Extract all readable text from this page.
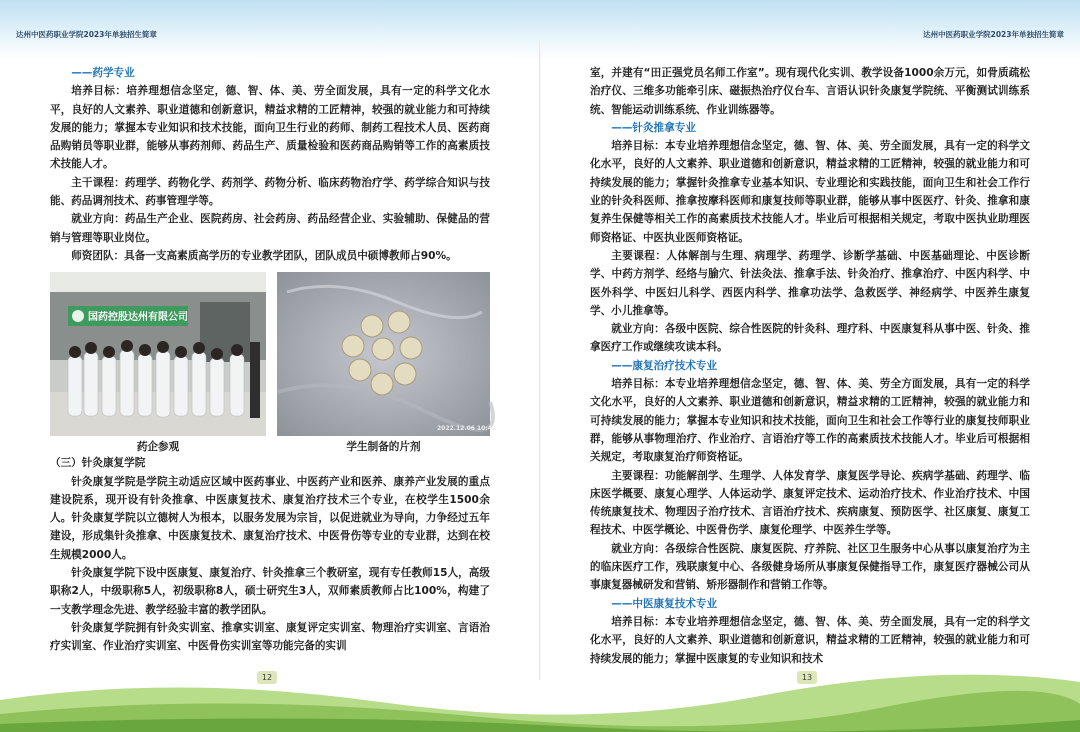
达州中医药职业学院2023年单独招生简章	达州中医药职业学院2023年单独招生简章

——药学专业

培养目标：培养理想信念坚定，德、智、体、美、劳全面发展，具有一定的科学文化水平，良好的人文素养、职业道德和创新意识，精益求精的工匠精神，较强的就业能力和可持续发展的能力；掌握本专业知识和技术技能，面向卫生行业的药师、制药工程技术人员、医药商品购销员等职业群，能够从事药剂师、药品生产、质量检验和医药商品购销等工作的高素质技术技能人才。

主干课程：药理学、药物化学、药剂学、药物分析、临床药物治疗学、药学综合知识与技能、药品调剂技术、药事管理学等。

就业方向：药品生产企业、医院药房、社会药房、药品经营企业、实验辅助、保健品的营销与管理等职业岗位。

师资团队：具备一支高素质高学历的专业教学团队，团队成员中硕博教师占90%。

国药控股达州有限公司
2022.12.06 10:41
药企参观	学生制备的片剂

（三）针灸康复学院

针灸康复学院是学院主动适应区域中医药事业、中医药产业和医养、康养产业发展的重点建设院系，现开设有针灸推拿、中医康复技术、康复治疗技术三个专业，在校学生1500余人。针灸康复学院以立德树人为根本，以服务发展为宗旨，以促进就业为导向，力争经过五年建设，形成集针灸推拿、中医康复技术、康复治疗技术、中医骨伤等专业的专业群，达到在校生规模2000人。

针灸康复学院下设中医康复、康复治疗、针灸推拿三个教研室，现有专任教师15人，高级职称2人，中级职称5人，初级职称8人，硕士研究生3人，双师素质教师占比100%，构建了一支教学理念先进、教学经验丰富的教学团队。

针灸康复学院拥有针灸实训室、推拿实训室、康复评定实训室、物理治疗实训室、言语治疗实训室、作业治疗实训室、中医骨伤实训室等功能完备的实训

室，并建有“田正强党员名师工作室”。现有现代化实训、教学设备1000余万元，如骨质疏松治疗仪、三维多功能牵引床、磁振热治疗仪台车、言语认识针灸康复学院统、平衡测试训练系统、智能运动训练系统、作业训练器等。

——针灸推拿专业

培养目标：本专业培养理想信念坚定，德、智、体、美、劳全面发展，具有一定的科学文化水平，良好的人文素养、职业道德和创新意识，精益求精的工匠精神，较强的就业能力和可持续发展的能力；掌握针灸推拿专业基本知识、专业理论和实践技能，面向卫生和社会工作行业的针灸科医师、推拿按摩科医师和康复技师等职业群，能够从事中医医疗、针灸、推拿和康复养生保健等相关工作的高素质技术技能人才。毕业后可根据相关规定，考取中医执业助理医师资格证、中医执业医师资格证。

主要课程：人体解剖与生理、病理学、药理学、诊断学基础、中医基础理论、中医诊断学、中药方剂学、经络与腧穴、针法灸法、推拿手法、针灸治疗、推拿治疗、中医内科学、中医外科学、中医妇儿科学、西医内科学、推拿功法学、急救医学、神经病学、中医养生康复学、小儿推拿等。

就业方向：各级中医院、综合性医院的针灸科、理疗科、中医康复科从事中医、针灸、推拿医疗工作或继续攻读本科。

——康复治疗技术专业

培养目标：本专业培养理想信念坚定，德、智、体、美、劳全方面发展，具有一定的科学文化水平，良好的人文素养、职业道德和创新意识，精益求精的工匠精神，较强的就业能力和可持续发展的能力；掌握本专业知识和技术技能，面向卫生和社会工作等行业的康复技师职业群，能够从事物理治疗、作业治疗、言语治疗等工作的高素质技术技能人才。毕业后可根据相关规定，考取康复治疗师资格证。

主要课程：功能解剖学、生理学、人体发育学、康复医学导论、疾病学基础、药理学、临床医学概要、康复心理学、人体运动学、康复评定技术、运动治疗技术、作业治疗技术、中国传统康复技术、物理因子治疗技术、言语治疗技术、疾病康复、预防医学、社区康复、康复工程技术、中医学概论、中医骨伤学、康复伦理学、中医养生学等。

就业方向：各级综合性医院、康复医院、疗养院、社区卫生服务中心从事以康复治疗为主的临床医疗工作，残联康复中心、各级健身场所从事康复保健指导工作，康复医疗器械公司从事康复器械研发和营销、矫形器制作和营销工作等。

——中医康复技术专业

培养目标：本专业培养理想信念坚定，德、智、体、美、劳全面发展，具有一定的科学文化水平，良好的人文素养、职业道德和创新意识，精益求精的工匠精神，较强的就业能力和可持续发展的能力；掌握中医康复的专业知识和技术

12	13
